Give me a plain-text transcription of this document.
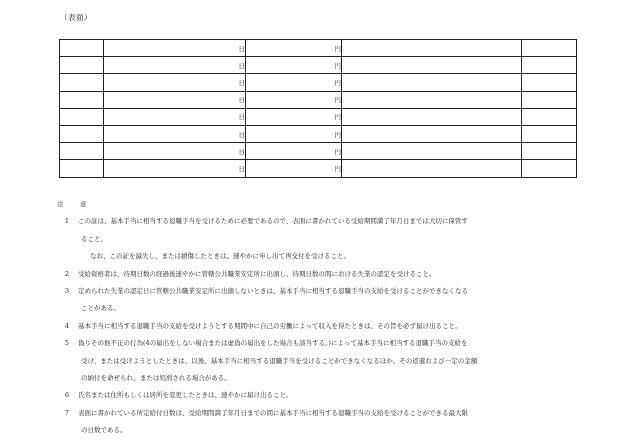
（表面）
	日	円		
	日	円		
	日	円		
	日	円		
	日	円		
	日	円		
	日	円		
	日	円		
注　意
1 この証は、基本手当に相当する退職手当を受けるために必要であるので、表面に書かれている受給期間満了年月日までは大切に保管す
ること。
なお、この証を滅失し、または損傷したときは、速やかに申し出て再交付を受けること。
2 受給資格者は、待期日数の経過後速やかに管轄公共職業安定所に出頭し、待期日数の間における失業の認定を受けること。
3 定められた失業の認定日に管轄公共職業安定所に出頭しないときは、基本手当に相当する退職手当の支給を受けることができなくなる
ことがある。
4 基本手当に相当する退職手当の支給を受けようとする期間中に自己の労働によって収入を得たときは、その旨を必ず届け出ること。
5 偽りその他不正の行為(4の届出をしない場合または虚偽の届出をした場合も該当する。)によって基本手当に相当する退職手当の支給を
受け、または受けようとしたときは、以後、基本手当に相当する退職手当を受けることができなくなるほか、その返還および一定の金額
の納付を命ぜられ、または処罰される場合がある。
6 氏名または住所もしくは居所を変更したときは、速やかに届け出ること。
7 表面に書かれている所定給付日数は、受給期間満了年月日までの間に基本手当に相当する退職手当の支給を受けることができる最大限
の日数である。
